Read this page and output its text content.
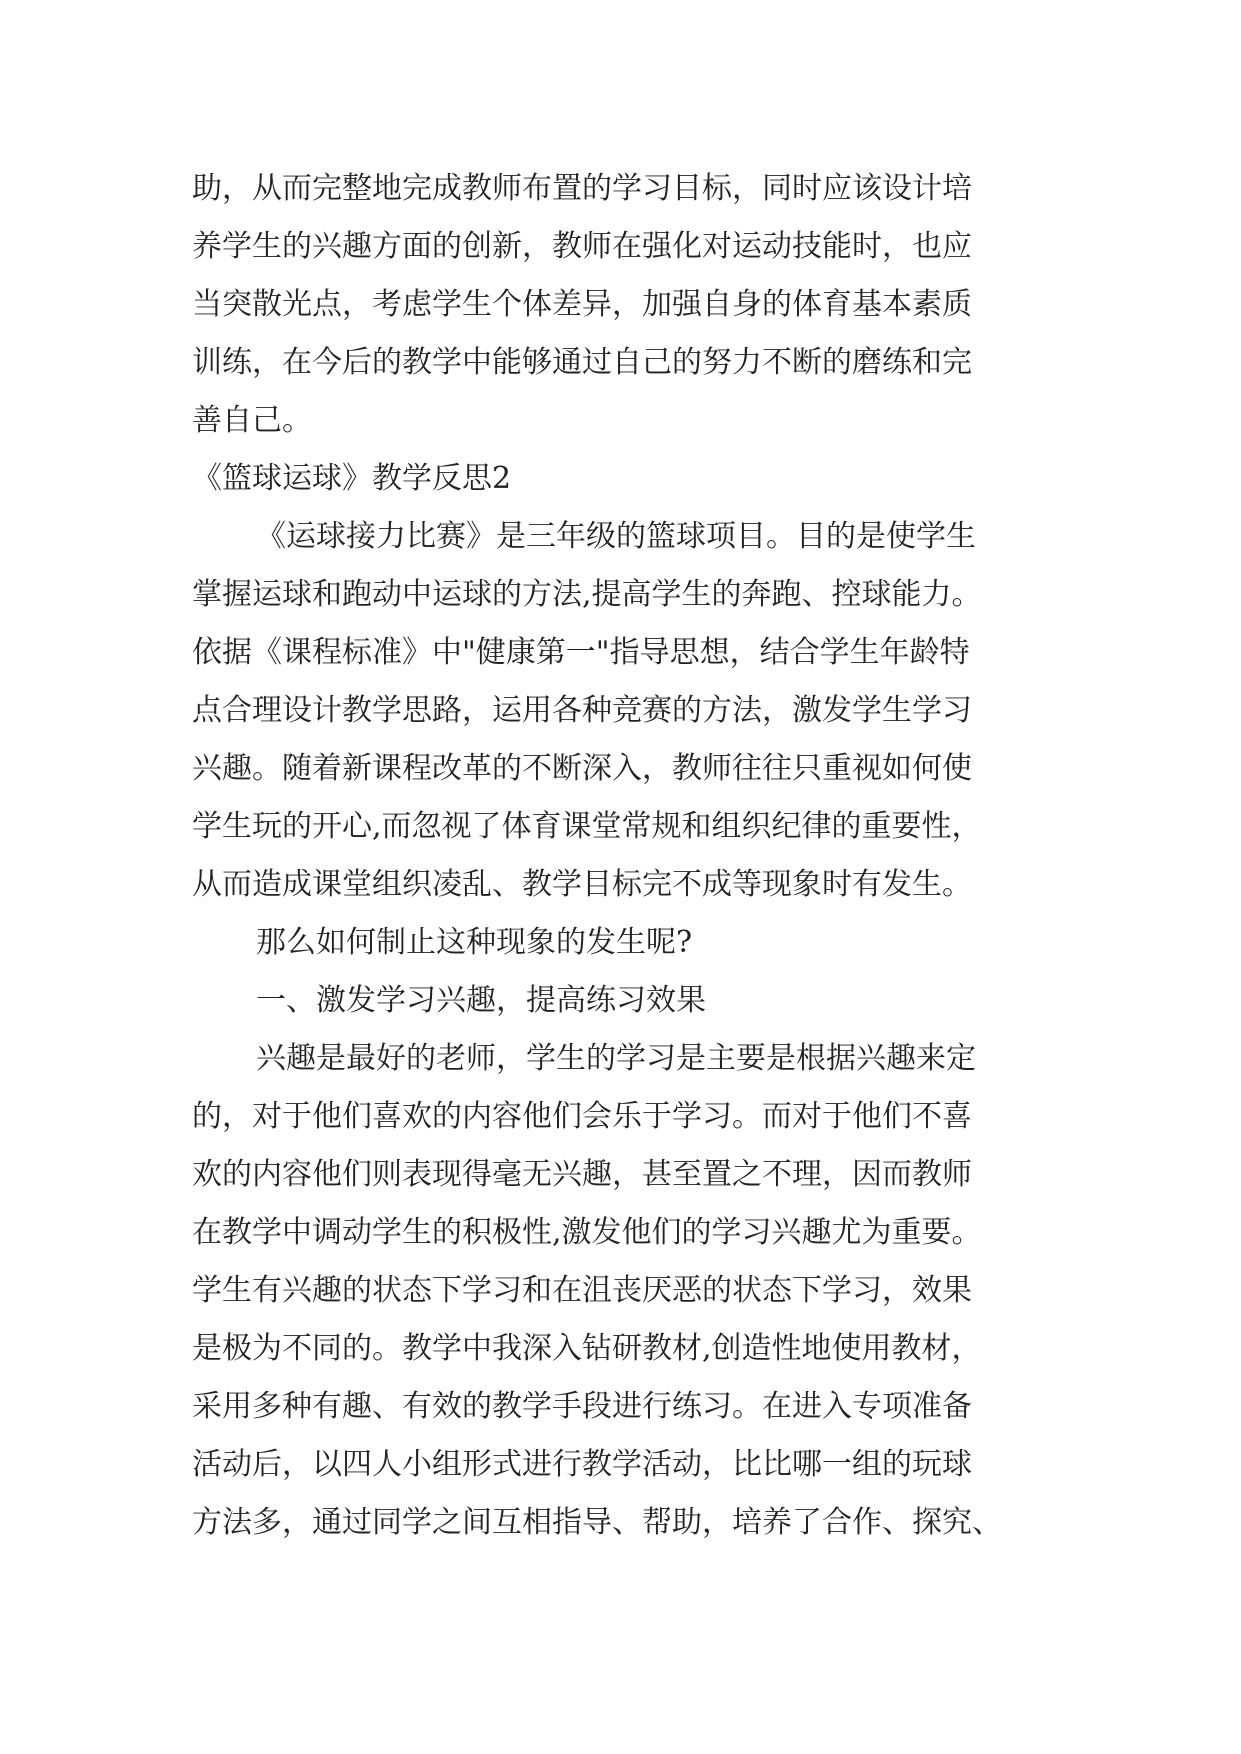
助，从而完整地完成教师布置的学习目标，同时应该设计培
养学生的兴趣方面的创新，教师在强化对运动技能时，也应
当突散光点，考虑学生个体差异，加强自身的体育基本素质
训练，在今后的教学中能够通过自己的努力不断的磨练和完
善自己。
《篮球运球》教学反思2
《运球接力比赛》是三年级的篮球项目。目的是使学生
掌握运球和跑动中运球的方法,提高学生的奔跑、控球能力。
依据《课程标准》中"健康第一"指导思想，结合学生年龄特
点合理设计教学思路，运用各种竞赛的方法，激发学生学习
兴趣。随着新课程改革的不断深入，教师往往只重视如何使
学生玩的开心,而忽视了体育课堂常规和组织纪律的重要性，
从而造成课堂组织凌乱、教学目标完不成等现象时有发生。
那么如何制止这种现象的发生呢?
一、激发学习兴趣，提高练习效果
兴趣是最好的老师，学生的学习是主要是根据兴趣来定
的，对于他们喜欢的内容他们会乐于学习。而对于他们不喜
欢的内容他们则表现得毫无兴趣，甚至置之不理，因而教师
在教学中调动学生的积极性,激发他们的学习兴趣尤为重要。
学生有兴趣的状态下学习和在沮丧厌恶的状态下学习，效果
是极为不同的。教学中我深入钻研教材,创造性地使用教材，
采用多种有趣、有效的教学手段进行练习。在进入专项准备
活动后，以四人小组形式进行教学活动，比比哪一组的玩球
方法多，通过同学之间互相指导、帮助，培养了合作、探究、
